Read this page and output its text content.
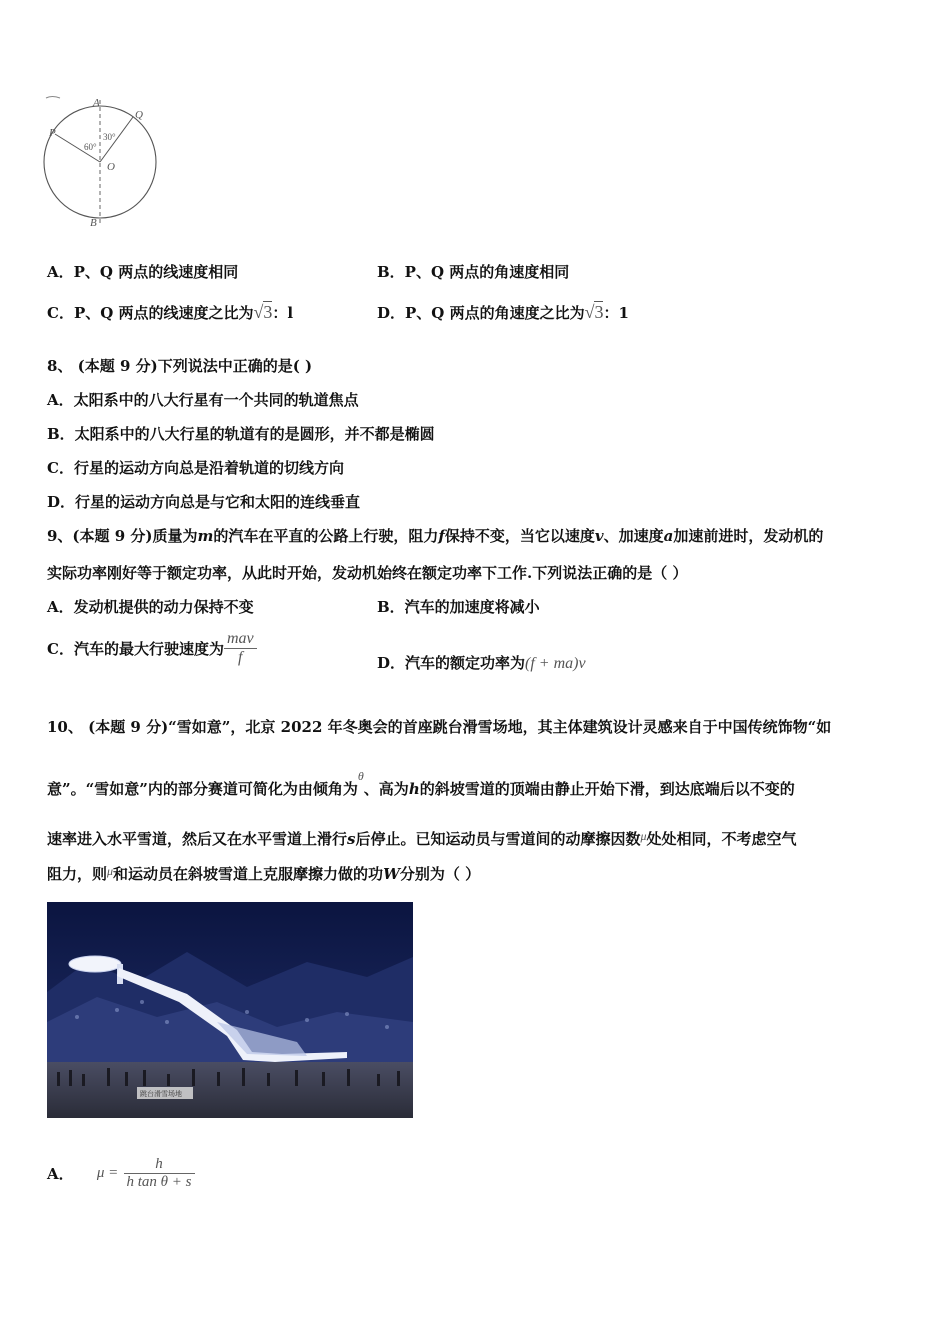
A
B
P
Q
O
60°
30°
A．P、Q 两点的线速度相同	B．P、Q 两点的角速度相同
C．P、Q 两点的线速度之比为√3：l	D．P、Q 两点的角速度之比为√3：1
8、 (本题 9 分)下列说法中正确的是( )
A．太阳系中的八大行星有一个共同的轨道焦点
B．太阳系中的八大行星的轨道有的是圆形，并不都是椭圆
C．行星的运动方向总是沿着轨道的切线方向
D．行星的运动方向总是与它和太阳的连线垂直
9、(本题 9 分)质量为m的汽车在平直的公路上行驶，阻力f保持不变，当它以速度v、加速度a加速前进时，发动机的
实际功率刚好等于额定功率，从此时开始，发动机始终在额定功率下工作.下列说法正确的是（ ）
A．发动机提供的动力保持不变	B．汽车的加速度将减小
C．汽车的最大行驶速度为 $\frac{\text{mav}}{f}$	D．汽车的额定功率为(f + ma)v
10、 (本题 9 分)“雪如意”，北京 2022 年冬奥会的首座跳台滑雪场地，其主体建筑设计灵感来自于中国传统饰物“如
意”。“雪如意”内的部分赛道可简化为由倾角为$^\theta$、高为h的斜坡雪道的顶端由静止开始下滑，到达底端后以不变的
速率进入水平雪道，然后又在水平雪道上滑行s后停止。已知运动员与雪道间的动摩擦因数$^\mu$处处相同，不考虑空气
阻力，则$^\mu$和运动员在斜坡雪道上克服摩擦力做的功W分别为（ ）
跳台滑雪场地
A． $\mu = \frac{h}{\text{h tan θ + s}}$
